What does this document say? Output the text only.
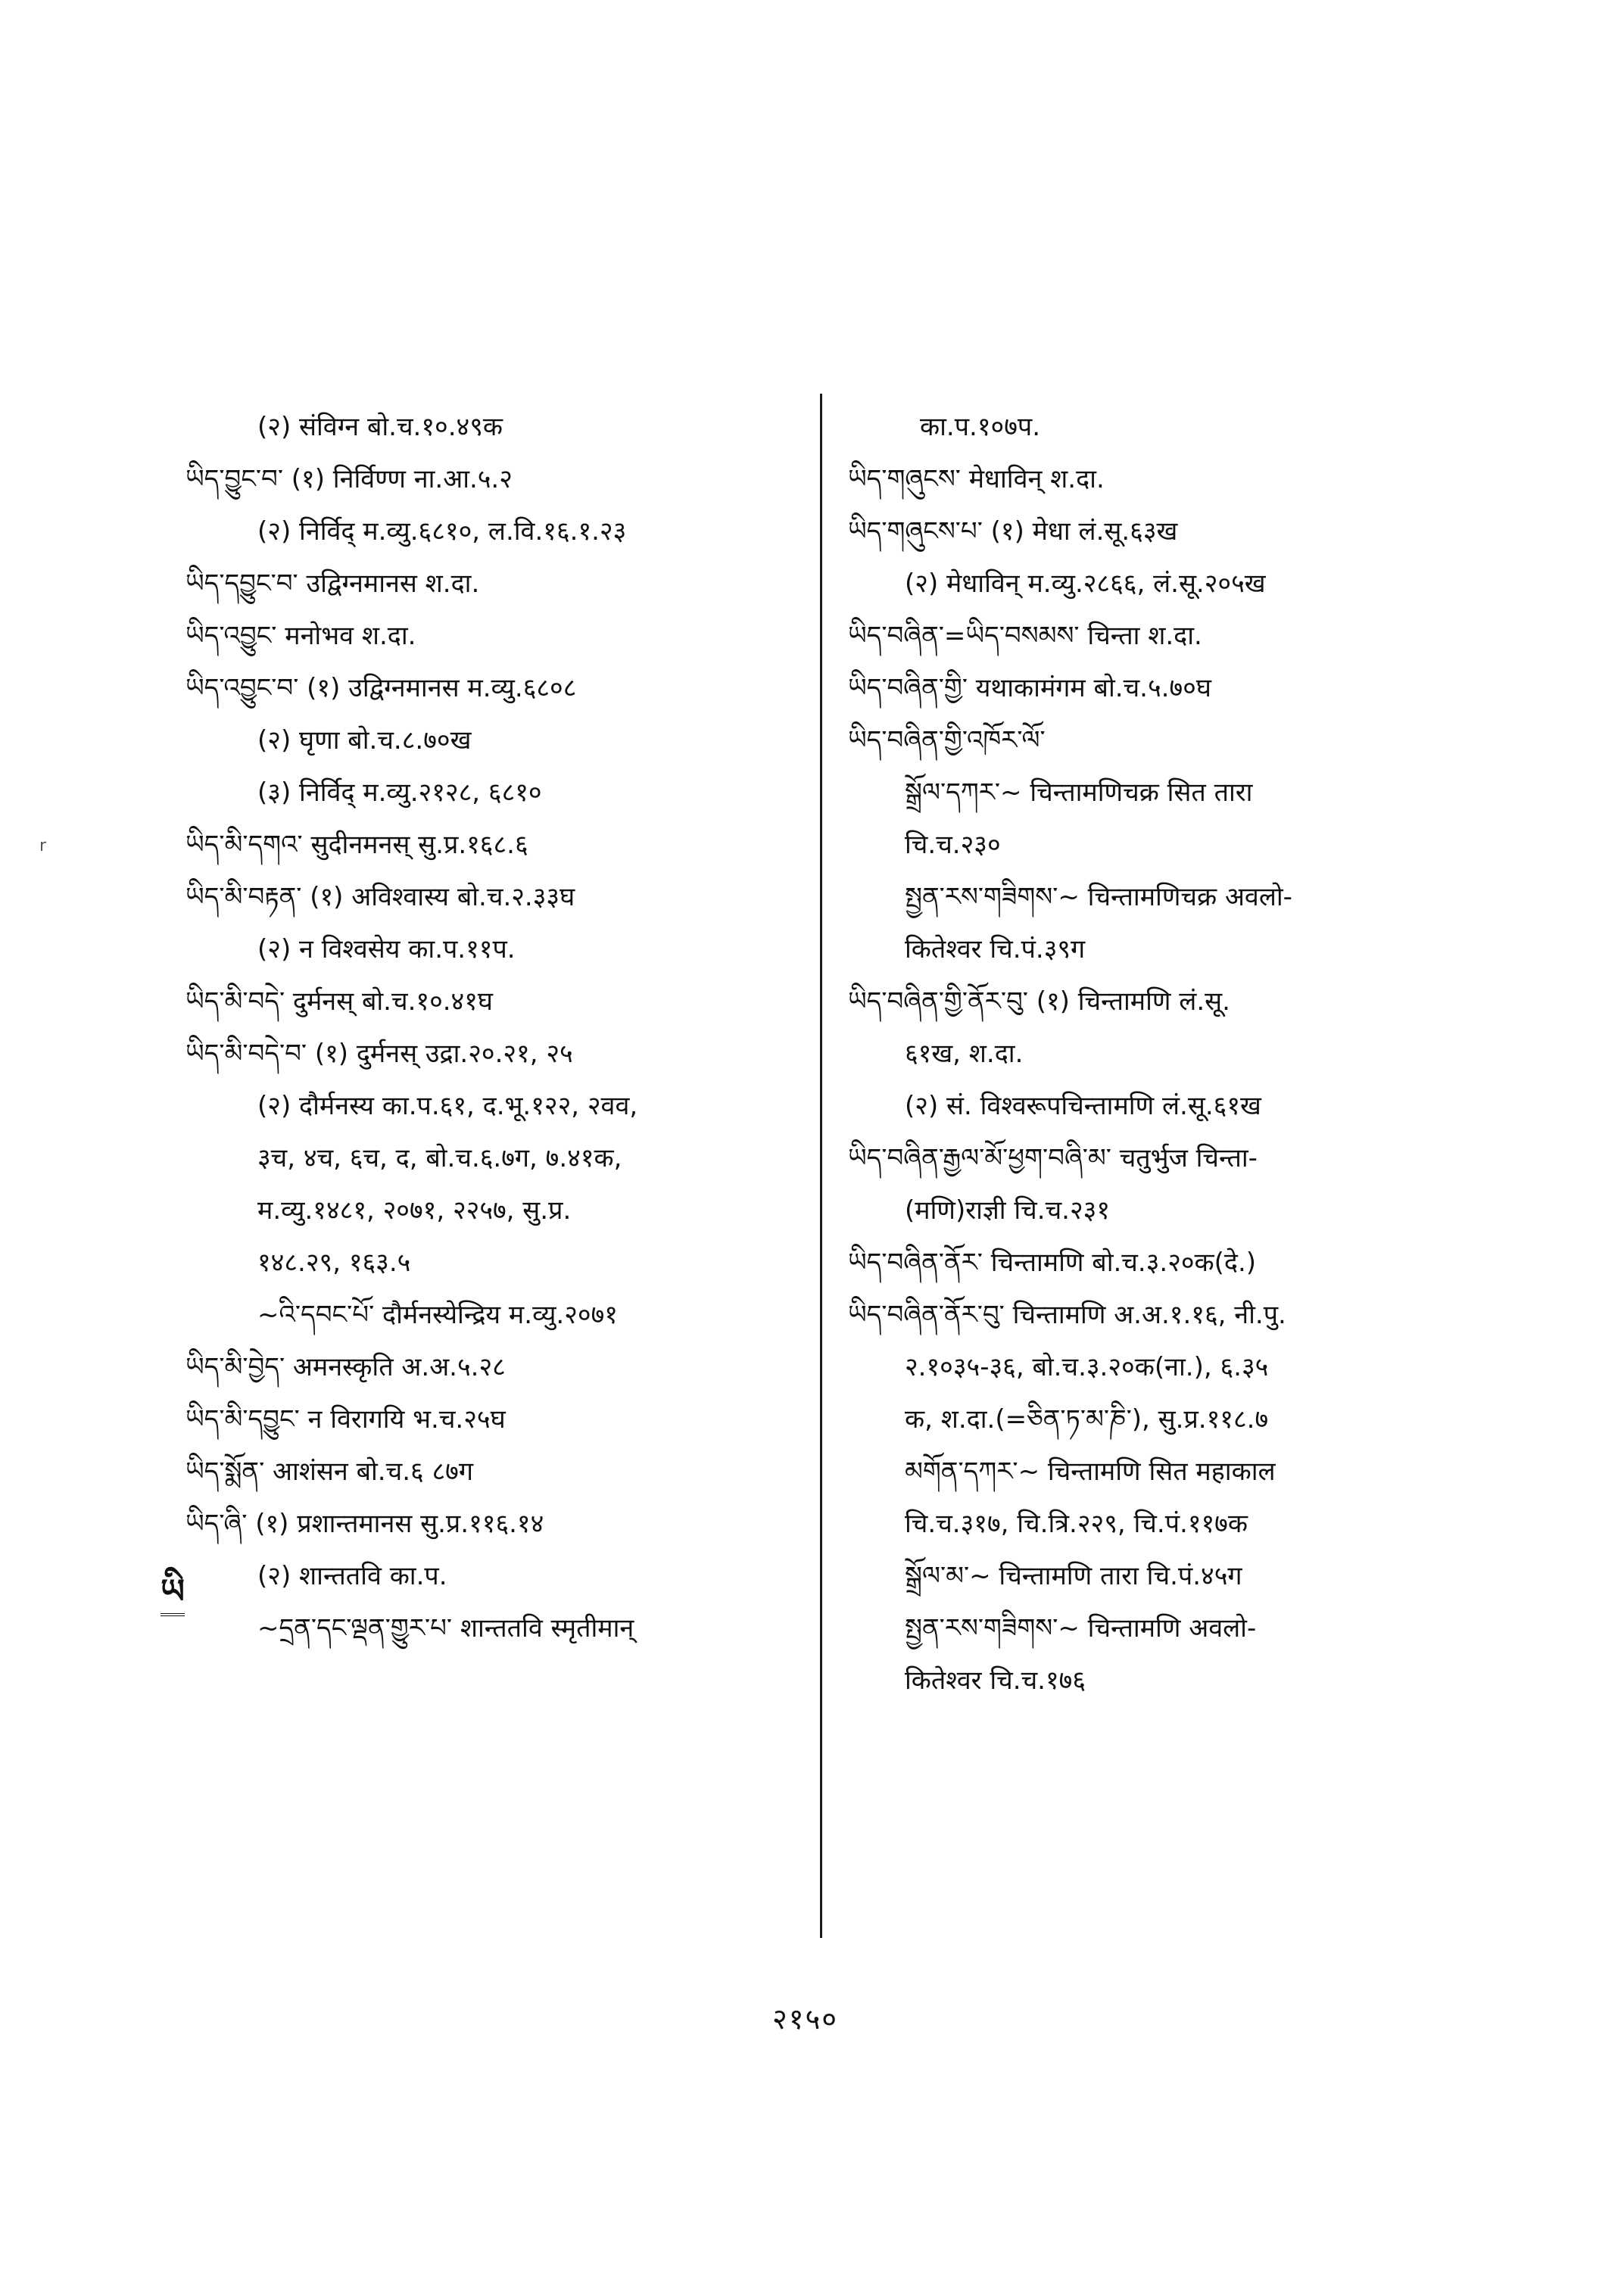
r
(२) संविग्न बो.च.१०.४९क
ཡིད་བྱུང་བ་ (१) निर्विण्ण ना.आ.५.२
(२) निर्विद् म.व्यु.६८१०, ल.वि.१६.१.२३
ཡིད་དབྱུང་བ་ उद्विग्नमानस श.दा.
ཡིད་འབྱུང་ मनोभव श.दा.
ཡིད་འབྱུང་བ་ (१) उद्विग्नमानस म.व्यु.६८०८
(२) घृणा बो.च.८.७०ख
(३) निर्विद् म.व्यु.२१२८, ६८१०
ཡིད་མི་དགའ་ सुदीनमनस् सु.प्र.१६८.६
ཡིད་མི་བརྟན་ (१) अविश्वास्य बो.च.२.३३घ
(२) न विश्वसेय का.प.११प.
ཡིད་མི་བདེ་ दुर्मनस् बो.च.१०.४१घ
ཡིད་མི་བདེ་བ་ (१) दुर्मनस् उद्रा.२०.२१, २५
(२) दौर्मनस्य का.प.६१, द.भू.१२२, २वव,
३च, ४च, ६च, द, बो.च.६.७ग, ७.४१क,
म.व्यु.१४८१, २०७१, २२५७, सु.प्र.
१४८.२९, १६३.५
~འི་དབང་པོ་ दौर्मनस्येन्द्रिय म.व्यु.२०७१
ཡིད་མི་བྱེད་ अमनस्कृति अ.अ.५.२८
ཡིད་མི་དབྱུང་ न विरागयि भ.च.२५घ
ཡིད་སྨོན་ आशंसन बो.च.६ ८७ग
ཡིད་ཞི་ (१) प्रशान्तमानस सु.प्र.११६.१४
(२) शान्ततवि का.प.
~དྲན་དང་ལྡན་གྱུར་པ་ शान्ततवि स्मृतीमान्
का.प.१०७प.
ཡིད་གཞུངས་ मेधाविन् श.दा.
ཡིད་གཞུངས་པ་ (१) मेधा लं.सू.६३ख
(२) मेधाविन् म.व्यु.२८६६, लं.सू.२०५ख
ཡིད་བཞིན་=ཡིད་བསམས་ चिन्ता श.दा.
ཡིད་བཞིན་གྱི་ यथाकामंगम बो.च.५.७०घ
ཡིད་བཞིན་གྱི་འཁོར་ལོ་
སྒྲོལ་དཀར་~ चिन्तामणिचक्र सित तारा
चि.च.२३०
སྤྱན་རས་གཟིགས་~ चिन्तामणिचक्र अवलो-
कितेश्वर चि.पं.३९ग
ཡིད་བཞིན་གྱི་ནོར་བུ་ (१) चिन्तामणि लं.सू.
६१ख, श.दा.
(२) सं. विश्वरूपचिन्तामणि लं.सू.६१ख
ཡིད་བཞིན་རྒྱལ་མོ་ཕྱག་བཞི་མ་ चतुर्भुज चिन्ता-
(मणि)राज्ञी चि.च.२३१
ཡིད་བཞིན་ནོར་ चिन्तामणि बो.च.३.२०क(दे.)
ཡིད་བཞིན་ནོར་བུ་ चिन्तामणि अ.अ.१.१६, नी.पु.
२.१०३५-३६, बो.च.३.२०क(ना.), ६.३५
क, श.दा.(=ཅིན་ཏ་མ་ཎི་), सु.प्र.११८.७
མགོན་དཀར་~ चिन्तामणि सित महाकाल
चि.च.३१७, चि.त्रि.२२९, चि.पं.११७क
སྒྲོལ་མ་~ चिन्तामणि तारा चि.पं.४५ग
སྤྱན་རས་གཟིགས་~ चिन्तामणि अवलो-
कितेश्वर चि.च.१७६
ཡི
२१५०
